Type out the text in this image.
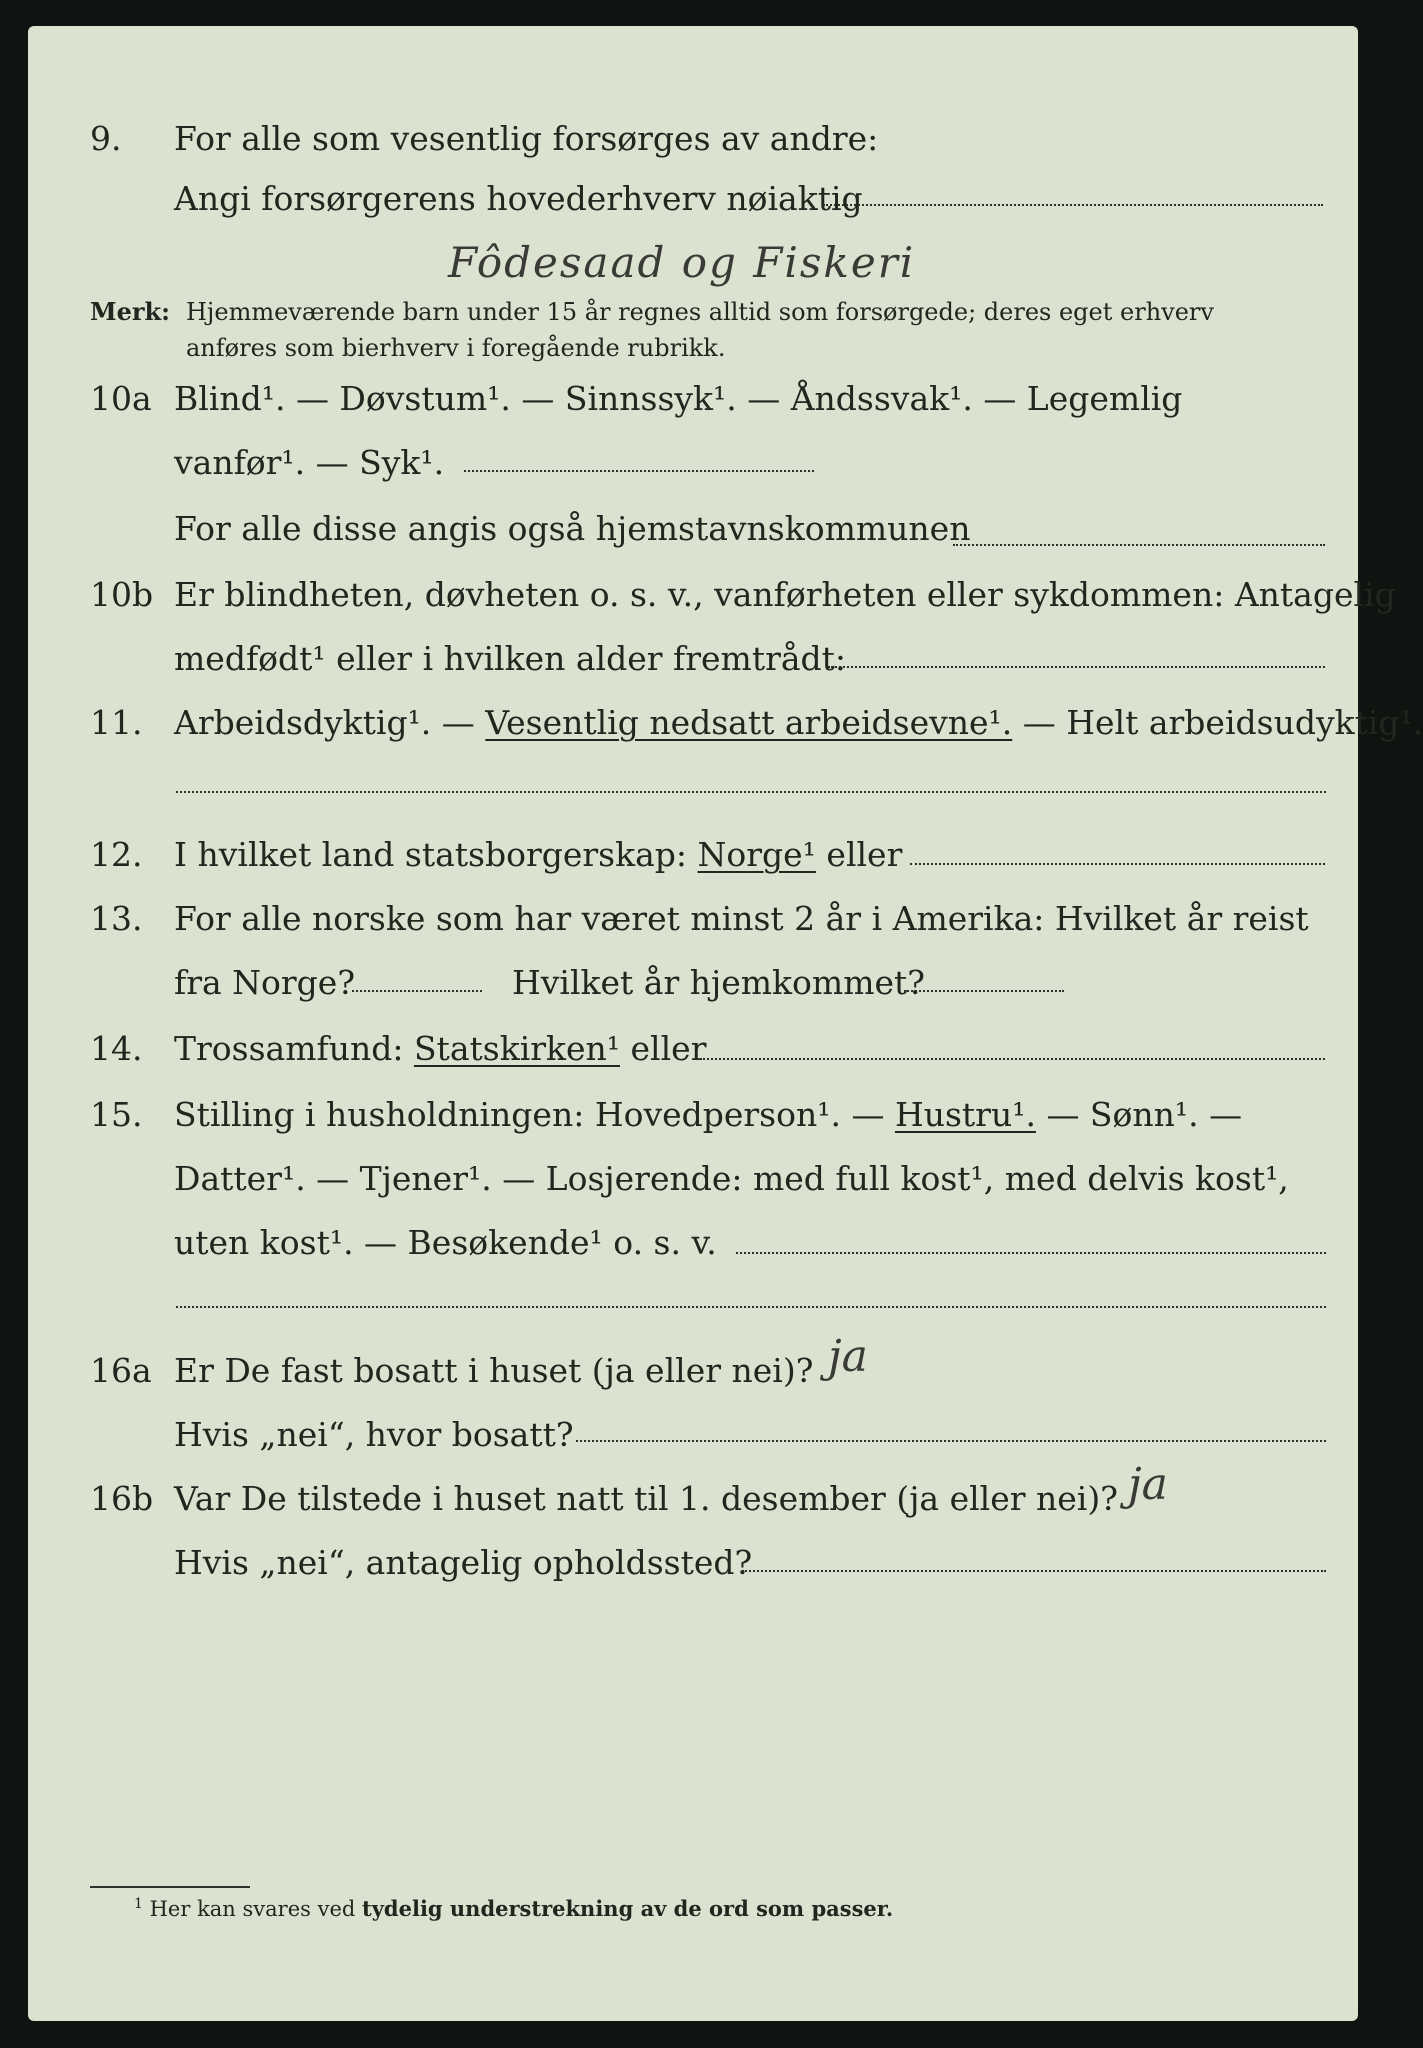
9. For alle som vesentlig forsørges av andre:
Angi forsørgerens hovederhverv nøiaktig
Fôdesaad og Fiskeri
Merk: Hjemmeværende barn under 15 år regnes alltid som forsørgede; deres eget erhverv
anføres som bierhverv i foregående rubrikk.
10a Blind¹. — Døvstum¹. — Sinnssyk¹. — Åndssvak¹. — Legemlig
vanfør¹. — Syk¹.
For alle disse angis også hjemstavnskommunen
10b Er blindheten, døvheten o. s. v., vanførheten eller sykdommen: Antagelig
medfødt¹ eller i hvilken alder fremtrådt:
11. Arbeidsdyktig¹. — Vesentlig nedsatt arbeidsevne¹. — Helt arbeidsudyktig¹.
12. I hvilket land statsborgerskap: Norge¹ eller
13. For alle norske som har været minst 2 år i Amerika: Hvilket år reist
fra Norge?	Hvilket år hjemkommet?
14. Trossamfund: Statskirken¹ eller
15. Stilling i husholdningen: Hovedperson¹. — Hustru¹. — Sønn¹. —
Datter¹. — Tjener¹. — Losjerende: med full kost¹, med delvis kost¹,
uten kost¹. — Besøkende¹ o. s. v.
16a Er De fast bosatt i huset (ja eller nei)? ja
Hvis „nei“, hvor bosatt?
16b Var De tilstede i huset natt til 1. desember (ja eller nei)? ja
Hvis „nei“, antagelig opholdssted?
$^1$ Her kan svares ved tydelig understrekning av de ord som passer.
